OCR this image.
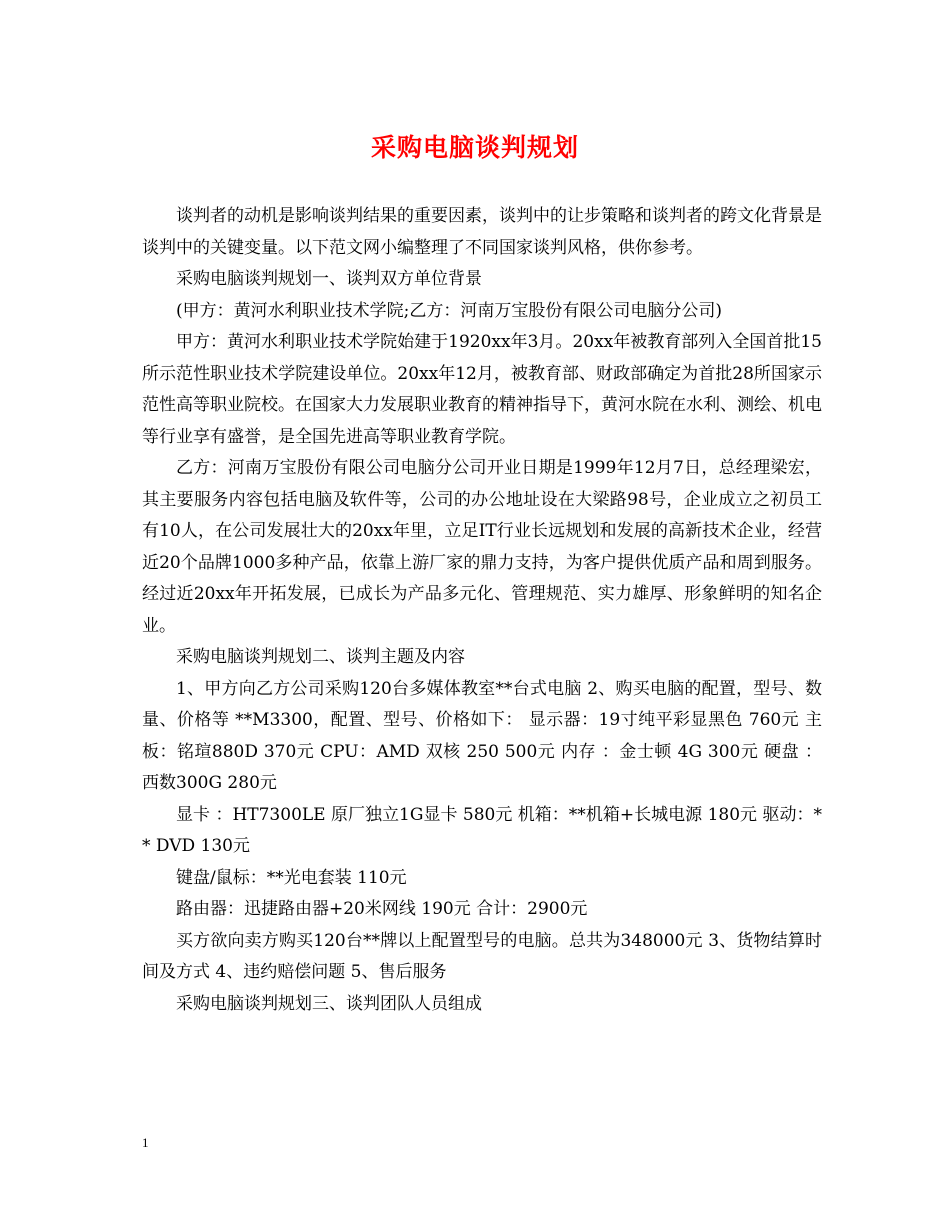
采购电脑谈判规划

谈判者的动机是影响谈判结果的重要因素，谈判中的让步策略和谈判者的跨文化背景是谈判中的关键变量。以下范文网小编整理了不同国家谈判风格，供你参考。

采购电脑谈判规划一、谈判双方单位背景

(甲方：黄河水利职业技术学院;乙方：河南万宝股份有限公司电脑分公司)

甲方：黄河水利职业技术学院始建于1920xx年3月。20xx年被教育部列入全国首批15所示范性职业技术学院建设单位。20xx年12月，被教育部、财政部确定为首批28所国家示范性高等职业院校。在国家大力发展职业教育的精神指导下，黄河水院在水利、测绘、机电等行业享有盛誉，是全国先进高等职业教育学院。

乙方：河南万宝股份有限公司电脑分公司开业日期是1999年12月7日，总经理梁宏，其主要服务内容包括电脑及软件等，公司的办公地址设在大梁路98号，企业成立之初员工有10人，在公司发展壮大的20xx年里，立足IT行业长远规划和发展的高新技术企业，经营近20个品牌1000多种产品，依靠上游厂家的鼎力支持，为客户提供优质产品和周到服务。经过近20xx年开拓发展，已成长为产品多元化、管理规范、实力雄厚、形象鲜明的知名企业。

采购电脑谈判规划二、谈判主题及内容

1、甲方向乙方公司采购120台多媒体教室**台式电脑 2、购买电脑的配置，型号、数量、价格等 **M3300，配置、型号、价格如下： 显示器：19寸纯平彩显黑色 760元 主 板：铭瑄880D 370元 CPU：AMD 双核 250 500元 内存 ：金士顿 4G 300元 硬盘 ：西数300G 280元

显卡 ：HT7300LE 原厂独立1G显卡 580元 机箱：**机箱+长城电源 180元 驱动：** DVD 130元

键盘/鼠标：**光电套装 110元

路由器：迅捷路由器+20米网线 190元 合计：2900元

买方欲向卖方购买120台**牌以上配置型号的电脑。总共为348000元 3、货物结算时间及方式 4、违约赔偿问题 5、售后服务

采购电脑谈判规划三、谈判团队人员组成

1
